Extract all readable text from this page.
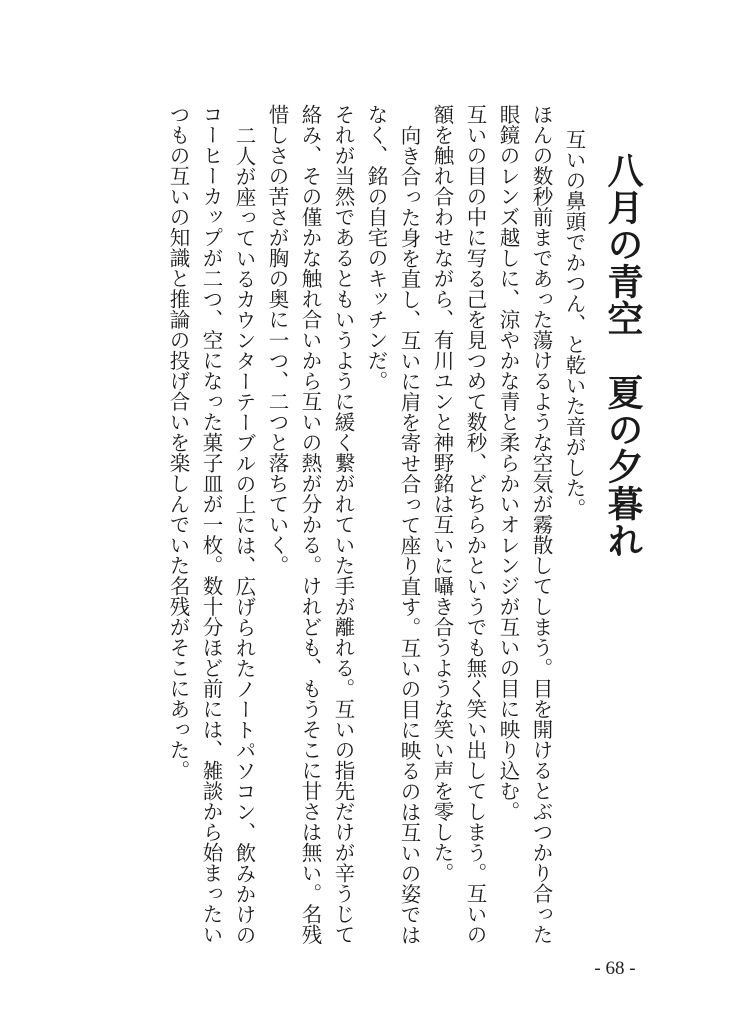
八月の青空　夏の夕暮れ

互いの鼻頭でかつん、と乾いた音がした。

ほんの数秒前まであった蕩けるような空気が霧散してしまう。目を開けるとぶつかり合った眼鏡のレンズ越しに、涼やかな青と柔らかいオレンジが互いの目に映り込む。

互いの目の中に写る己を見つめて数秒、どちらかというでも無く笑い出してしまう。互いの額を触れ合わせながら、有川ユンと神野銘は互いに囁き合うような笑い声を零した。

向き合った身を直し、互いに肩を寄せ合って座り直す。互いの目に映るのは互いの姿ではなく、銘の自宅のキッチンだ。

それが当然であるともいうように緩く繋がれていた手が離れる。互いの指先だけが辛うじて絡み、その僅かな触れ合いから互いの熱が分かる。けれども、もうそこに甘さは無い。名残惜しさの苦さが胸の奥に一つ、二つと落ちていく。

二人が座っているカウンターテーブルの上には、広げられたノートパソコン、飲みかけのコーヒーカップが二つ、空になった菓子皿が一枚。数十分ほど前には、雑談から始まったいつもの互いの知識と推論の投げ合いを楽しんでいた名残がそこにあった。

- 68 -
